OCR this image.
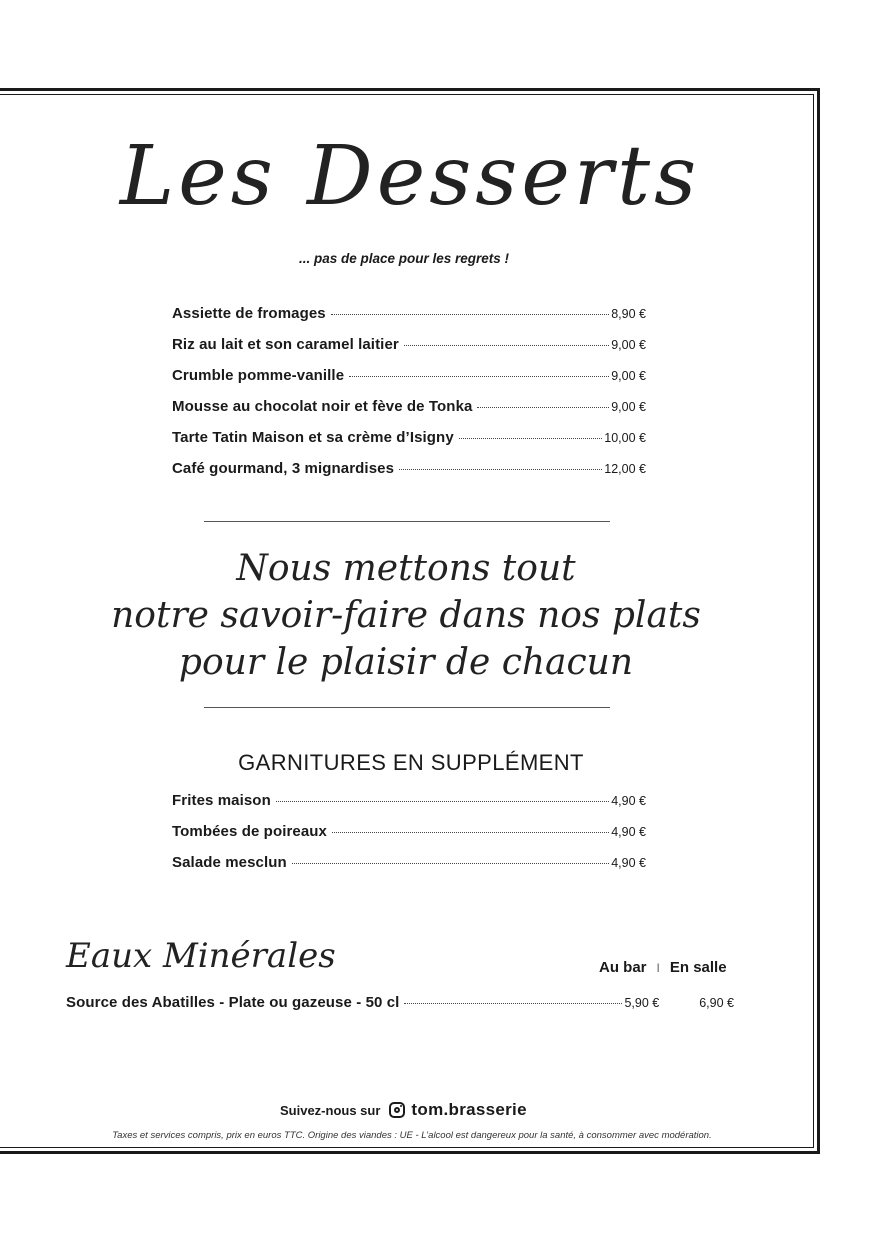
Les Desserts
... pas de place pour les regrets !
Assiette de fromages	8,90 €
Riz au lait et son caramel laitier	9,00 €
Crumble pomme-vanille	9,00 €
Mousse au chocolat noir et fève de Tonka	9,00 €
Tarte Tatin Maison et sa crème d’Isigny	10,00 €
Café gourmand, 3 mignardises	12,00 €
Nous mettons tout
notre savoir-faire dans nos plats
pour le plaisir de chacun
GARNITURES EN SUPPLÉMENT
Frites maison	4,90 €
Tombées de poireaux	4,90 €
Salade mesclun	4,90 €
Eaux Minérales	Au bar I En salle
Source des Abatilles - Plate ou gazeuse - 50 cl	5,90 €	6,90 €
Suivez-nous sur tom.brasserie
Taxes et services compris, prix en euros TTC. Origine des viandes : UE - L’alcool est dangereux pour la santé, à consommer avec modération.
